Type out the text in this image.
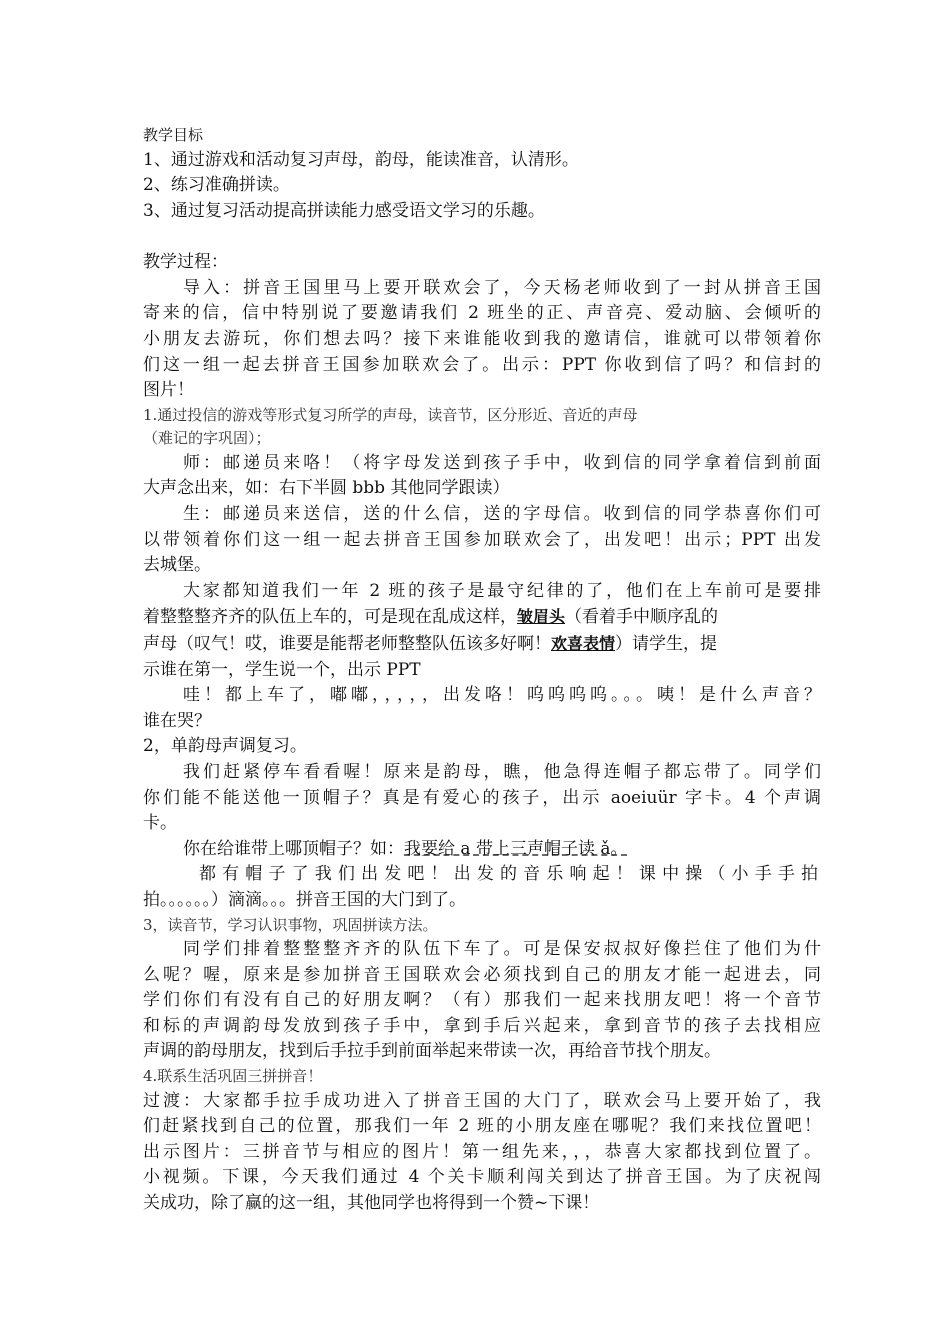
教学目标

1、通过游戏和活动复习声母，韵母，能读准音，认清形。

2、练习准确拼读。

3、通过复习活动提高拼读能力感受语文学习的乐趣。

教学过程：

导入：拼音王国里马上要开联欢会了，今天杨老师收到了一封从拼音王国

寄来的信，信中特别说了要邀请我们 2 班坐的正、声音亮、爱动脑、会倾听的

小朋友去游玩，你们想去吗？接下来谁能收到我的邀请信，谁就可以带领着你

们这一组一起去拼音王国参加联欢会了。出示：PPT 你收到信了吗？和信封的

图片！

1.通过投信的游戏等形式复习所学的声母，读音节，区分形近、音近的声母

（难记的字巩固）；

师：邮递员来咯！（将字母发送到孩子手中，收到信的同学拿着信到前面

大声念出来，如：右下半圆 bbb 其他同学跟读）

生：邮递员来送信，送的什么信，送的字母信。收到信的同学恭喜你们可

以带领着你们这一组一起去拼音王国参加联欢会了，出发吧！出示；PPT 出发

去城堡。

大家都知道我们一年 2 班的孩子是最守纪律的了，他们在上车前可是要排

着整整整齐齐的队伍上车的，可是现在乱成这样，皱眉头（看着手中顺序乱的

声母（叹气！哎，谁要是能帮老师整整队伍该多好啊！欢喜表情）请学生，提

示谁在第一，学生说一个，出示 PPT

哇！都上车了，嘟嘟，，，，，出发咯！呜呜呜呜。。。咦！是什么声音？

谁在哭？

2，单韵母声调复习。

我们赶紧停车看看喔！原来是韵母，瞧，他急得连帽子都忘带了。同学们

你们能不能送他一顶帽子？真是有爱心的孩子，出示 aoeiuür 字卡。4 个声调

卡。

你在给谁带上哪顶帽子？如：我要给 a 带上三声帽子读 ǎ。

都有帽子了我们出发吧！出发的音乐响起！课中操（小手手拍

拍。。。。。。）滴滴。。。拼音王国的大门到了。

3，读音节，学习认识事物，巩固拼读方法。

同学们排着整整整齐齐的队伍下车了。可是保安叔叔好像拦住了他们为什

么呢？喔，原来是参加拼音王国联欢会必须找到自己的朋友才能一起进去，同

学们你们有没有自己的好朋友啊？（有）那我们一起来找朋友吧！将一个音节

和标的声调韵母发放到孩子手中，拿到手后兴起来，拿到音节的孩子去找相应

声调的韵母朋友，找到后手拉手到前面举起来带读一次，再给音节找个朋友。

4.联系生活巩固三拼拼音！

过渡：大家都手拉手成功进入了拼音王国的大门了，联欢会马上要开始了，我

们赶紧找到自己的位置，那我们一年 2 班的小朋友座在哪呢？我们来找位置吧！

出示图片：三拼音节与相应的图片！第一组先来，，，恭喜大家都找到位置了。

小视频。下课，今天我们通过 4 个关卡顺利闯关到达了拼音王国。为了庆祝闯

关成功，除了赢的这一组，其他同学也将得到一个赞~下课！
